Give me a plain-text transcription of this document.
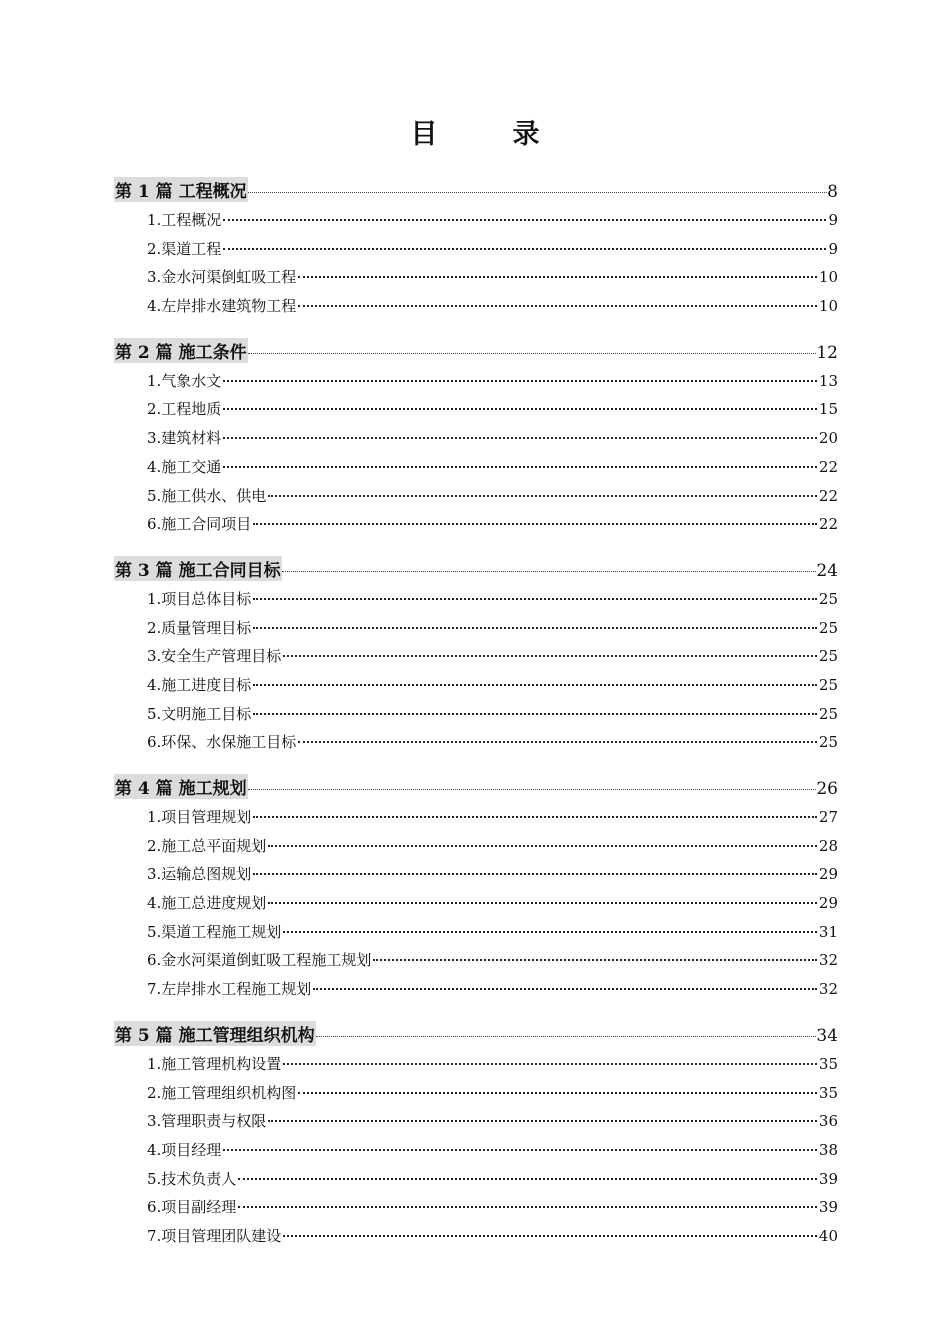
目　录
第 1 篇 工程概况	8
1.工程概况	9
2.渠道工程	9
3.金水河渠倒虹吸工程	10
4.左岸排水建筑物工程	10
第 2 篇 施工条件	12
1.气象水文	13
2.工程地质	15
3.建筑材料	20
4.施工交通	22
5.施工供水、供电	22
6.施工合同项目	22
第 3 篇 施工合同目标	24
1.项目总体目标	25
2.质量管理目标	25
3.安全生产管理目标	25
4.施工进度目标	25
5.文明施工目标	25
6.环保、水保施工目标	25
第 4 篇 施工规划	26
1.项目管理规划	27
2.施工总平面规划	28
3.运输总图规划	29
4.施工总进度规划	29
5.渠道工程施工规划	31
6.金水河渠道倒虹吸工程施工规划	32
7.左岸排水工程施工规划	32
第 5 篇 施工管理组织机构	34
1.施工管理机构设置	35
2.施工管理组织机构图	35
3.管理职责与权限	36
4.项目经理	38
5.技术负责人	39
6.项目副经理	39
7.项目管理团队建设	40
